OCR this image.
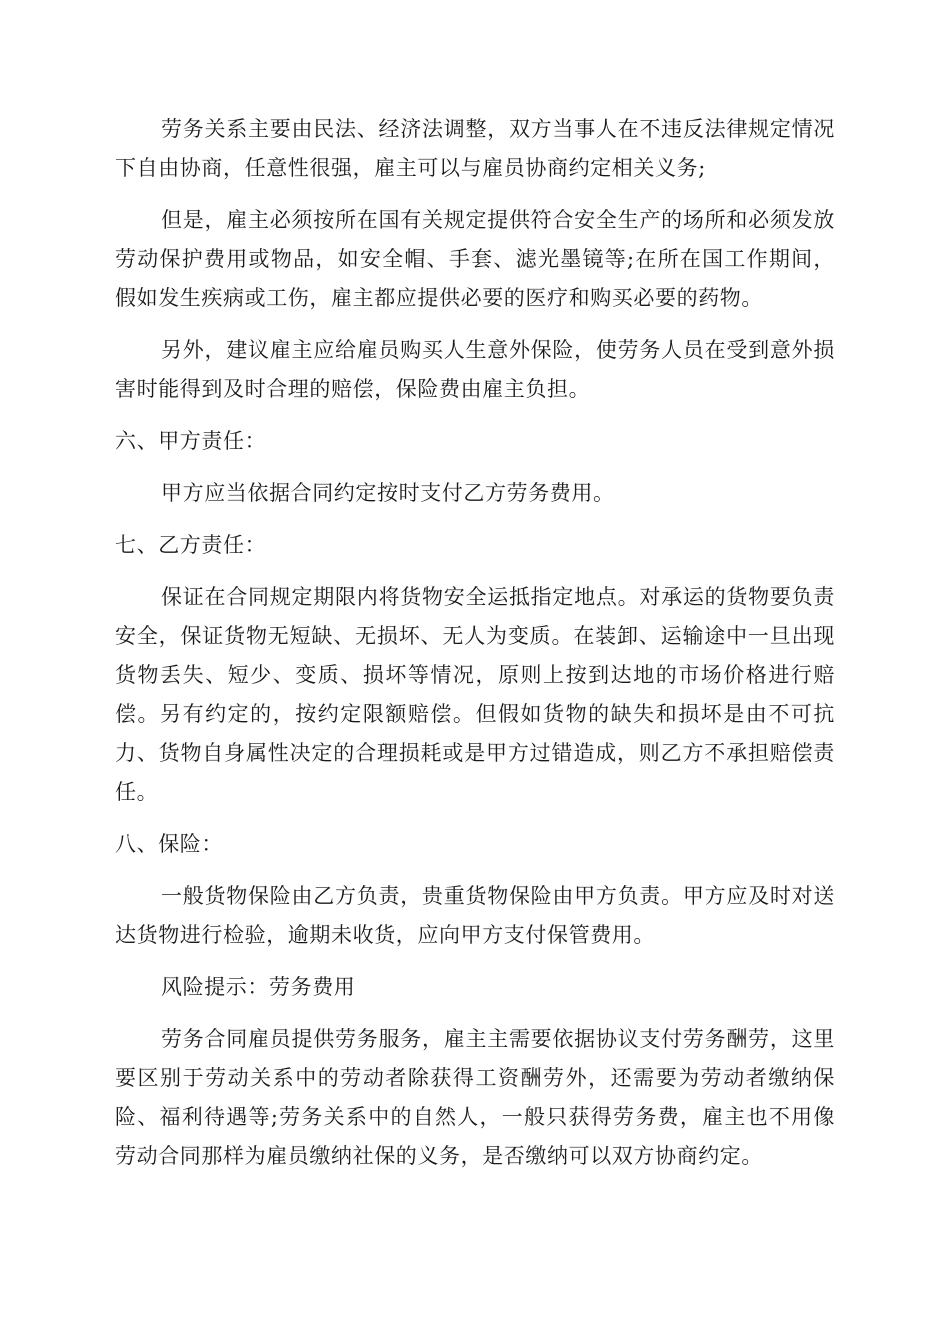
劳务关系主要由民法、经济法调整，双方当事人在不违反法律规定情况下自由协商，任意性很强，雇主可以与雇员协商约定相关义务;

但是，雇主必须按所在国有关规定提供符合安全生产的场所和必须发放劳动保护费用或物品，如安全帽、手套、滤光墨镜等;在所在国工作期间，假如发生疾病或工伤，雇主都应提供必要的医疗和购买必要的药物。

另外，建议雇主应给雇员购买人生意外保险，使劳务人员在受到意外损害时能得到及时合理的赔偿，保险费由雇主负担。

六、甲方责任：

甲方应当依据合同约定按时支付乙方劳务费用。

七、乙方责任：

保证在合同规定期限内将货物安全运抵指定地点。对承运的货物要负责安全，保证货物无短缺、无损坏、无人为变质。在装卸、运输途中一旦出现货物丢失、短少、变质、损坏等情况，原则上按到达地的市场价格进行赔偿。另有约定的，按约定限额赔偿。但假如货物的缺失和损坏是由不可抗力、货物自身属性决定的合理损耗或是甲方过错造成，则乙方不承担赔偿责任。

八、保险：

一般货物保险由乙方负责，贵重货物保险由甲方负责。甲方应及时对送达货物进行检验，逾期未收货，应向甲方支付保管费用。

风险提示：劳务费用

劳务合同雇员提供劳务服务，雇主主需要依据协议支付劳务酬劳，这里要区别于劳动关系中的劳动者除获得工资酬劳外，还需要为劳动者缴纳保险、福利待遇等;劳务关系中的自然人，一般只获得劳务费，雇主也不用像劳动合同那样为雇员缴纳社保的义务，是否缴纳可以双方协商约定。
